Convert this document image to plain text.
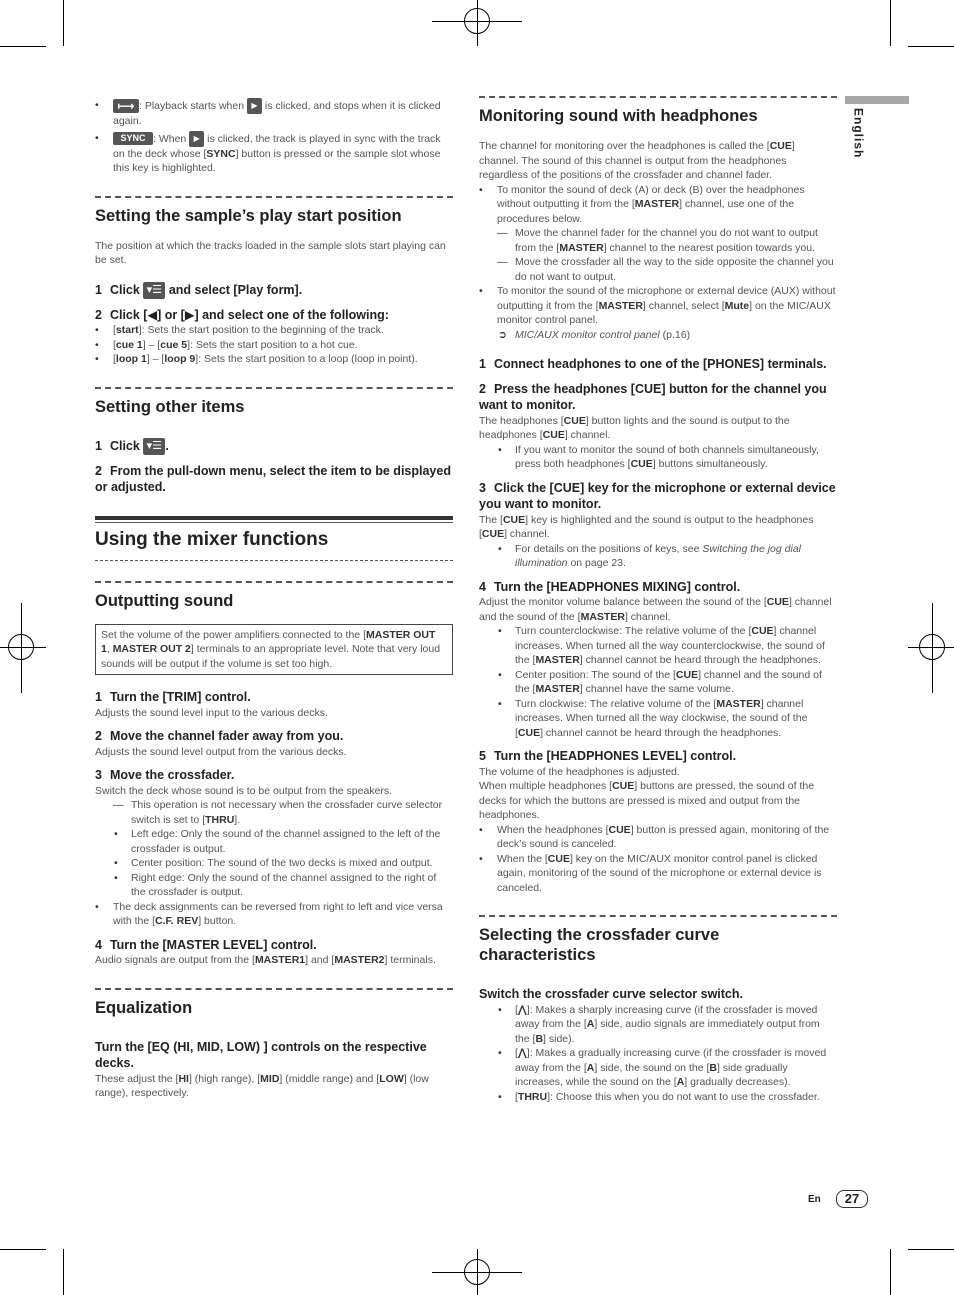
English
• ⟼ : Playback starts when ▶ is clicked, and stops when it is clicked again.
• SYNC : When ▶ is clicked, the track is played in sync with the track on the deck whose [SYNC] button is pressed or the sample slot whose this key is highlighted.
Setting the sample’s play start position

The position at which the tracks loaded in the sample slots start playing can be set.

1 Click ▾☰ and select [Play form].

2 Click [◀] or [▶] and select one of the following:

• [start]: Sets the start position to the beginning of the track.
• [cue 1] – [cue 5]: Sets the start position to a hot cue.
• [loop 1] – [loop 9]: Sets the start position to a loop (loop in point).
Setting other items

1 Click ▾☰ .

2 From the pull-down menu, select the item to be displayed or adjusted.

Using the mixer functions
Outputting sound
Set the volume of the power amplifiers connected to the [MASTER OUT 1, MASTER OUT 2] terminals to an appropriate level. Note that very loud sounds will be output if the volume is set too high.

1 Turn the [TRIM] control.

Adjusts the sound level input to the various decks.

2 Move the channel fader away from you.

Adjusts the sound level output from the various decks.

3 Move the crossfader.

Switch the deck whose sound is to be output from the speakers.

— This operation is not necessary when the crossfader curve selector switch is set to [THRU].
• Left edge: Only the sound of the channel assigned to the left of the crossfader is output.
• Center position: The sound of the two decks is mixed and output.
• Right edge: Only the sound of the channel assigned to the right of the crossfader is output.
• The deck assignments can be reversed from right to left and vice versa with the [C.F. REV] button.

4 Turn the [MASTER LEVEL] control.

Audio signals are output from the [MASTER1] and [MASTER2] terminals.

Equalization

Turn the [EQ (HI, MID, LOW) ] controls on the respective decks.

These adjust the [HI] (high range), [MID] (middle range) and [LOW] (low range), respectively.

Monitoring sound with headphones

The channel for monitoring over the headphones is called the [CUE] channel. The sound of this channel is output from the headphones regardless of the positions of the crossfader and channel fader.

• To monitor the sound of deck (A) or deck (B) over the headphones without outputting it from the [MASTER] channel, use one of the procedures below.
— Move the channel fader for the channel you do not want to output from the [MASTER] channel to the nearest position towards you.
— Move the crossfader all the way to the side opposite the channel you do not want to output.
• To monitor the sound of the microphone or external device (AUX) without outputting it from the [MASTER] channel, select [Mute] on the MIC/AUX monitor control panel.
➲ MIC/AUX monitor control panel (p.16)

1 Connect headphones to one of the [PHONES] terminals.

2 Press the headphones [CUE] button for the channel you want to monitor.

The headphones [CUE] button lights and the sound is output to the headphones [CUE] channel.

• If you want to monitor the sound of both channels simultaneously, press both headphones [CUE] buttons simultaneously.

3 Click the [CUE] key for the microphone or external device you want to monitor.

The [CUE] key is highlighted and the sound is output to the headphones [CUE] channel.

• For details on the positions of keys, see Switching the jog dial illumination on page 23.

4 Turn the [HEADPHONES MIXING] control.

Adjust the monitor volume balance between the sound of the [CUE] channel and the sound of the [MASTER] channel.

• Turn counterclockwise: The relative volume of the [CUE] channel increases. When turned all the way counterclockwise, the sound of the [MASTER] channel cannot be heard through the headphones.
• Center position: The sound of the [CUE] channel and the sound of the [MASTER] channel have the same volume.
• Turn clockwise: The relative volume of the [MASTER] channel increases. When turned all the way clockwise, the sound of the [CUE] channel cannot be heard through the headphones.

5 Turn the [HEADPHONES LEVEL] control.

The volume of the headphones is adjusted.

When multiple headphones [CUE] buttons are pressed, the sound of the decks for which the buttons are pressed is mixed and output from the headphones.

• When the headphones [CUE] button is pressed again, monitoring of the deck’s sound is canceled.
• When the [CUE] key on the MIC/AUX monitor control panel is clicked again, monitoring of the sound of the microphone or external device is canceled.
Selecting the crossfader curve characteristics

Switch the crossfader curve selector switch.

• [⋀]: Makes a sharply increasing curve (if the crossfader is moved away from the [A] side, audio signals are immediately output from the [B] side).
• [⋀]: Makes a gradually increasing curve (if the crossfader is moved away from the [A] side, the sound on the [B] side gradually increases, while the sound on the [A] gradually decreases).
• [THRU]: Choose this when you do not want to use the crossfader.
En	27
